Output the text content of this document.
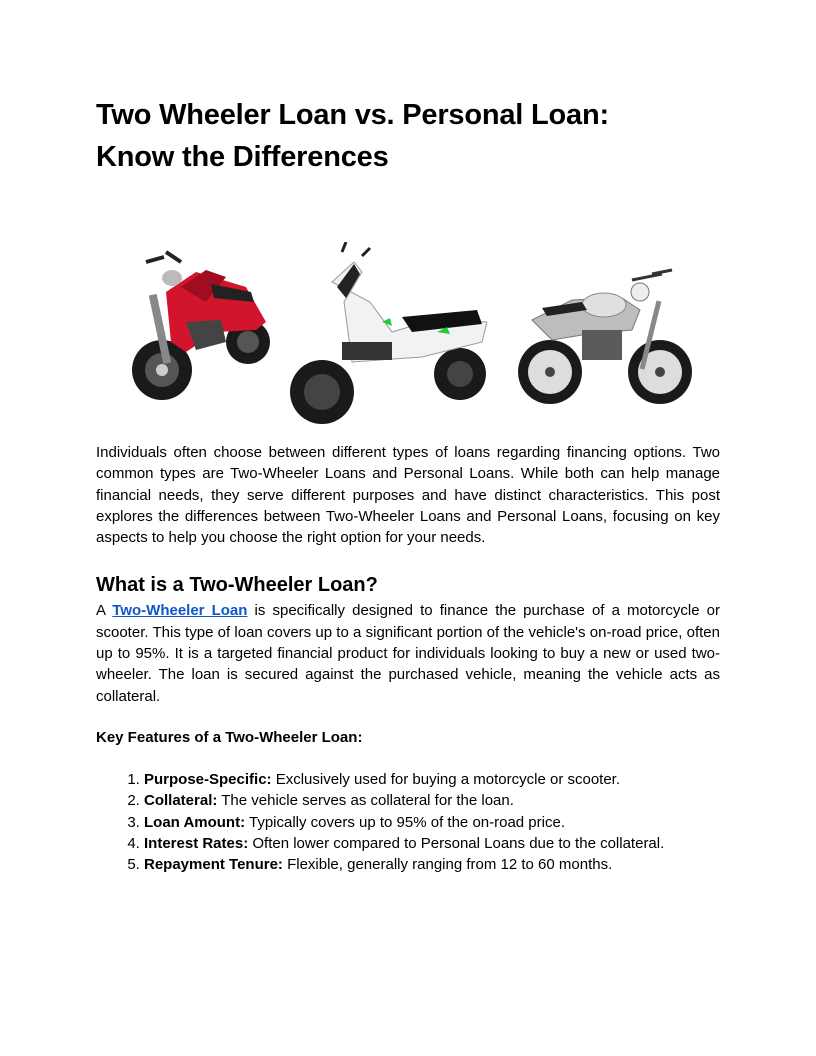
Two Wheeler Loan vs. Personal Loan:
Know the Differences

Individuals often choose between different types of loans regarding financing options. Two common types are Two-Wheeler Loans and Personal Loans. While both can help manage financial needs, they serve different purposes and have distinct characteristics. This post explores the differences between Two-Wheeler Loans and Personal Loans, focusing on key aspects to help you choose the right option for your needs.

What is a Two-Wheeler Loan?

A Two-Wheeler Loan is specifically designed to finance the purchase of a motorcycle or scooter. This type of loan covers up to a significant portion of the vehicle's on-road price, often up to 95%. It is a targeted financial product for individuals looking to buy a new or used two-wheeler. The loan is secured against the purchased vehicle, meaning the vehicle acts as collateral.

Key Features of a Two-Wheeler Loan:
1. Purpose-Specific: Exclusively used for buying a motorcycle or scooter.
2. Collateral: The vehicle serves as collateral for the loan.
3. Loan Amount: Typically covers up to 95% of the on-road price.
4. Interest Rates: Often lower compared to Personal Loans due to the collateral.
5. Repayment Tenure: Flexible, generally ranging from 12 to 60 months.
